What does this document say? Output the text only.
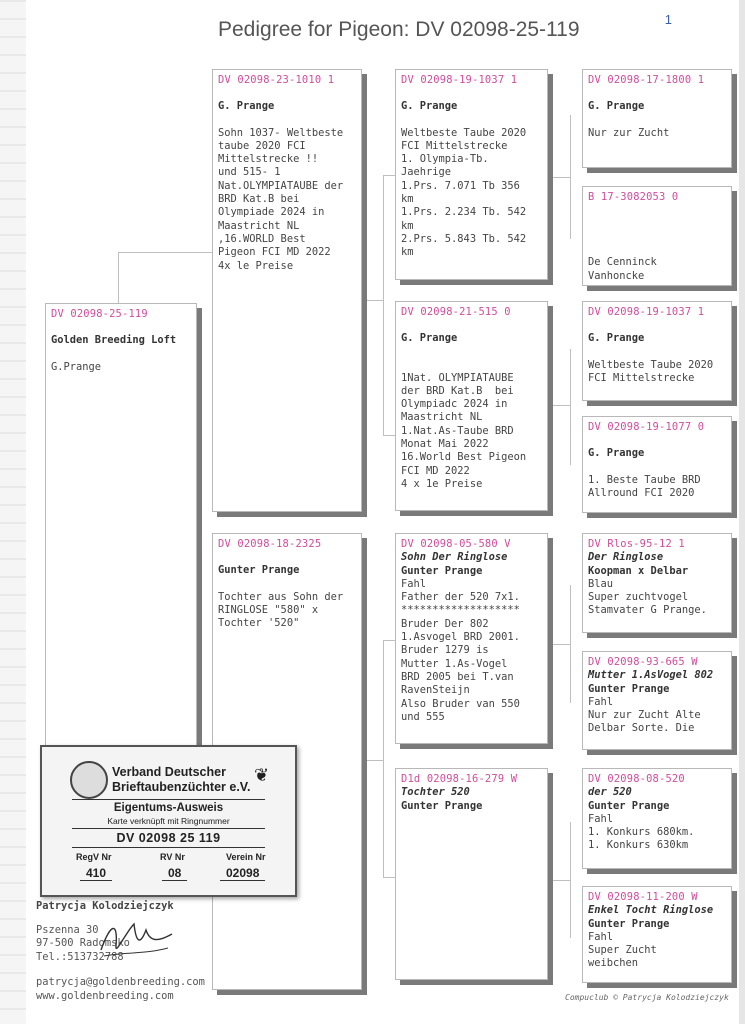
Pedigree for Pigeon: DV 02098-25-119	1
DV 02098-25-119
Golden Breeding Loft
G.Prange
DV 02098-23-1010 1
G. Prange
Sohn 1037- Weltbeste
taube 2020 FCI
Mittelstrecke !!
und 515- 1
Nat.OLYMPIATAUBE der
BRD Kat.B bei
Olympiade 2024 in
Maastricht NL
,16.WORLD Best
Pigeon FCI MD 2022
4x le Preise
DV 02098-18-2325
Gunter Prange
Tochter aus Sohn der
RINGLOSE "580" x
Tochter '520"
DV 02098-19-1037 1
G. Prange
Weltbeste Taube 2020
FCI Mittelstrecke
1. Olympia-Tb.
Jaehrige
1.Prs. 7.071 Tb 356
km
1.Prs. 2.234 Tb. 542
km
2.Prs. 5.843 Tb. 542
km
DV 02098-21-515 0
G. Prange
1Nat. OLYMPIATAUBE
der BRD Kat.B  bei
Olympiadc 2024 in
Maastricht NL
1.Nat.As-Taube BRD
Monat Mai 2022
16.World Best Pigeon
FCI MD 2022
4 x 1e Preise
DV 02098-05-580 V
Sohn Der Ringlose
Gunter Prange
Fahl
Father der 520 7x1.
*******************
Bruder Der 802
1.Asvogel BRD 2001.
Bruder 1279 is
Mutter 1.As-Vogel
BRD 2005 bei T.van
RavenSteijn
Also Bruder van 550
und 555
D1d 02098-16-279 W
Tochter 520
Gunter Prange
DV 02098-17-1800 1
G. Prange
Nur zur Zucht
B 17-3082053 0
De Cenninck
Vanhoncke
DV 02098-19-1037 1
G. Prange
Weltbeste Taube 2020
FCI Mittelstrecke
DV 02098-19-1077 0
G. Prange
1. Beste Taube BRD
Allround FCI 2020
DV Rlos-95-12 1
Der Ringlose
Koopman x Delbar
Blau
Super zuchtvogel
Stamvater G Prange.
DV 02098-93-665 W
Mutter 1.AsVogel 802
Gunter Prange
Fahl
Nur zur Zucht Alte
Delbar Sorte. Die
DV 02098-08-520
der 520
Gunter Prange
Fahl
1. Konkurs 680km.
1. Konkurs 630km
DV 02098-11-200 W
Enkel Tocht Ringlose
Gunter Prange
Fahl
Super Zucht
weibchen
❦
Verband Deutscher
Brieftaubenzüchter e.V.
Eigentums-Ausweis
Karte verknüpft mit Ringnummer
DV 02098 25 119
RegV Nr	RV Nr	Verein Nr
410	08	02098
Patrycja Kolodziejczyk
Pszenna 30
97-500 Radomsko
Tel.:513732788
patrycja@goldenbreeding.com
www.goldenbreeding.com	Compuclub © Patrycja Kolodziejczyk
